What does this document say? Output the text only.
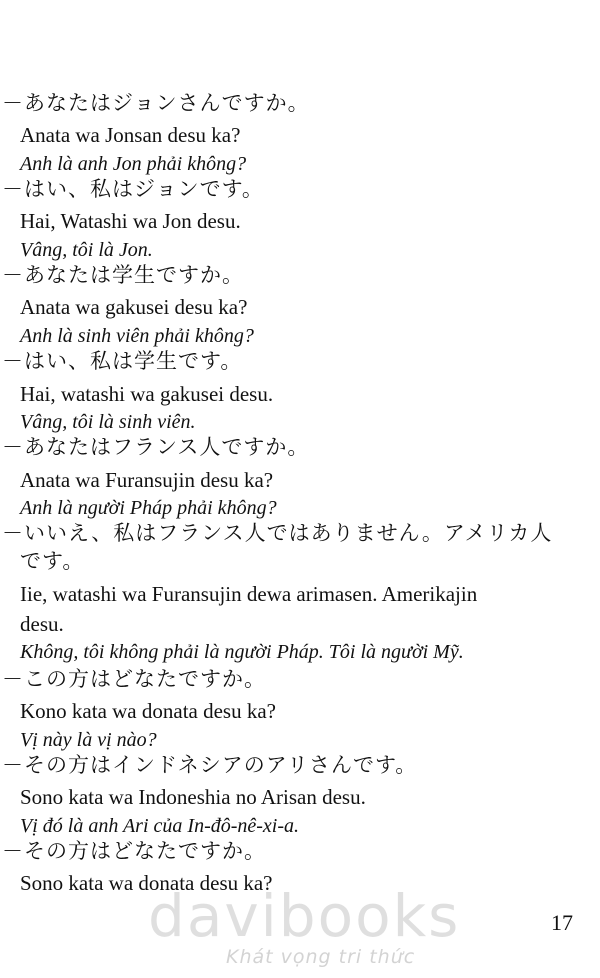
－あなたはジョンさんですか。

Anata wa Jonsan desu ka?

Anh là anh Jon phải không?

－はい、私はジョンです。

Hai, Watashi wa Jon desu.

Vâng, tôi là Jon.

－あなたは学生ですか。

Anata wa gakusei desu ka?

Anh là sinh viên phải không?

－はい、私は学生です。

Hai, watashi wa gakusei desu.

Vâng, tôi là sinh viên.

－あなたはフランス人ですか。

Anata wa Furansujin desu ka?

Anh là người Pháp phải không?

－いいえ、私はフランス人ではありません。アメリカ人

です。

Iie, watashi wa Furansujin dewa arimasen. Amerikajin

desu.

Không, tôi không phải là người Pháp. Tôi là người Mỹ.

－この方はどなたですか。

Kono kata wa donata desu ka?

Vị này là vị nào?

－その方はインドネシアのアリさんです。

Sono kata wa Indoneshia no Arisan desu.

Vị đó là anh Ari của In-đô-nê-xi-a.

－その方はどなたですか。

Sono kata wa donata desu ka?

davibooks
Khát vọng tri thức

17
